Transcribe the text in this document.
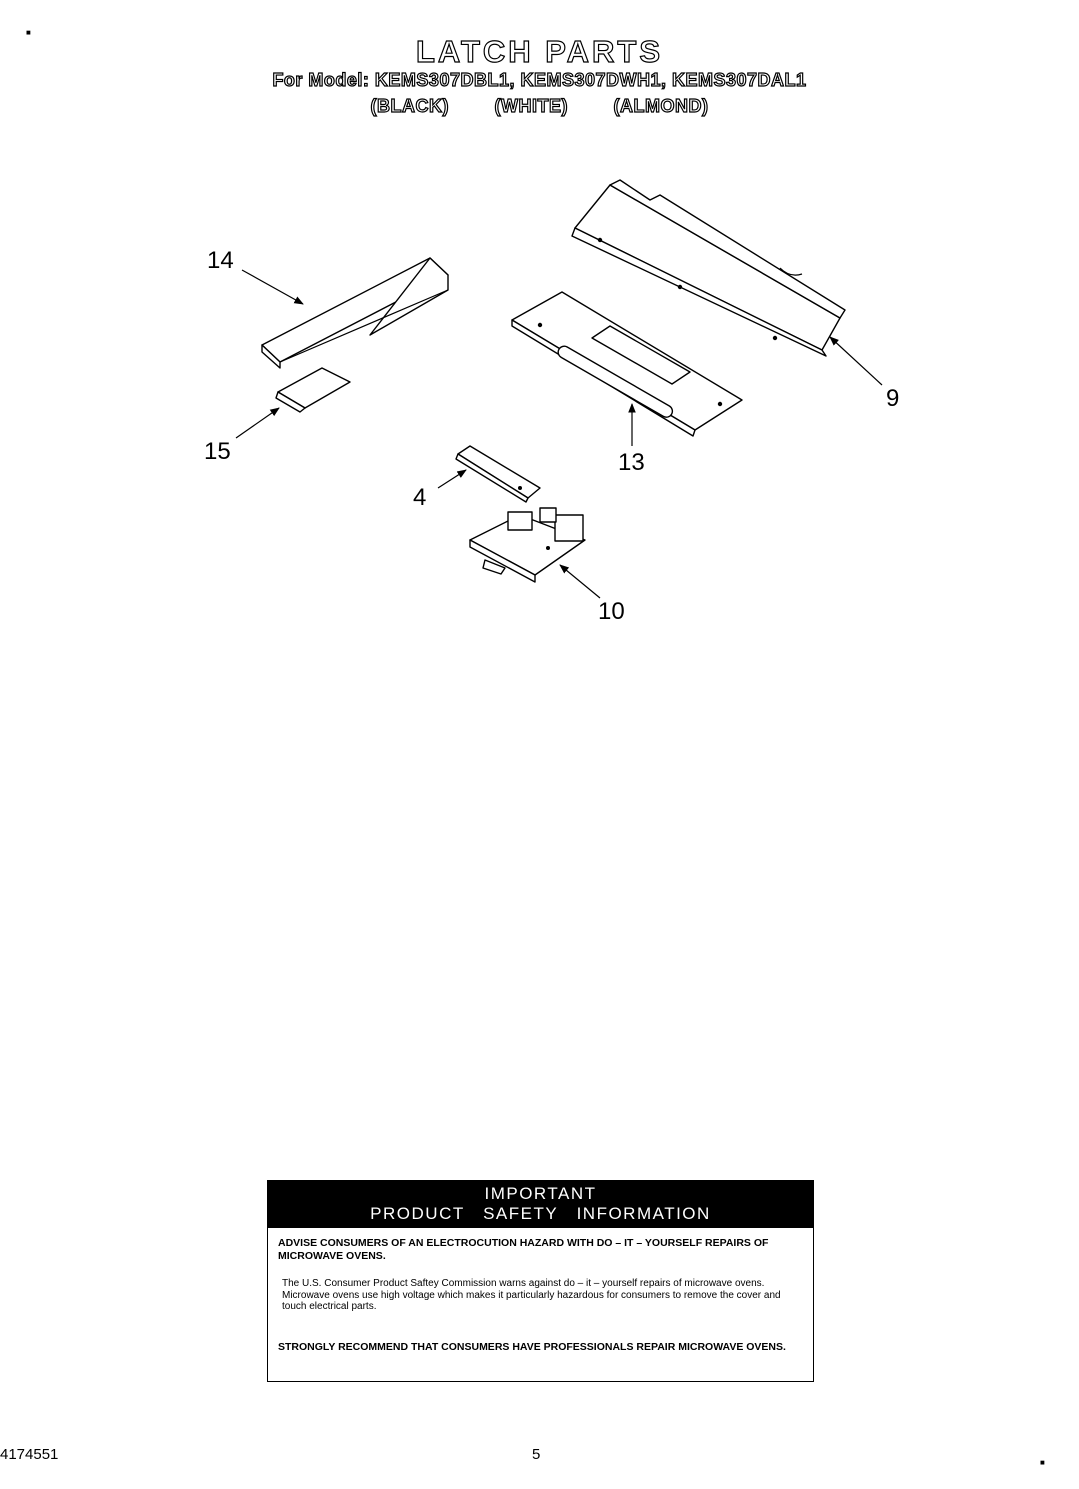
LATCH PARTS
For Model: KEMS307DBL1, KEMS307DWH1, KEMS307DAL1
(BLACK)	(WHITE)	(ALMOND)
14
15
4
13
9
10
IMPORTANT
PRODUCT   SAFETY   INFORMATION

ADVISE CONSUMERS OF AN ELECTROCUTION HAZARD WITH DO – IT – YOURSELF REPAIRS OF MICROWAVE OVENS.

The U.S. Consumer Product Saftey Commission warns against do – it – yourself repairs of microwave ovens. Microwave ovens use high voltage which makes it particularly hazardous for consumers to remove the cover and touch electrical parts.

STRONGLY RECOMMEND THAT CONSUMERS HAVE PROFESSIONALS REPAIR MICROWAVE OVENS.

4174551	5
■
■
